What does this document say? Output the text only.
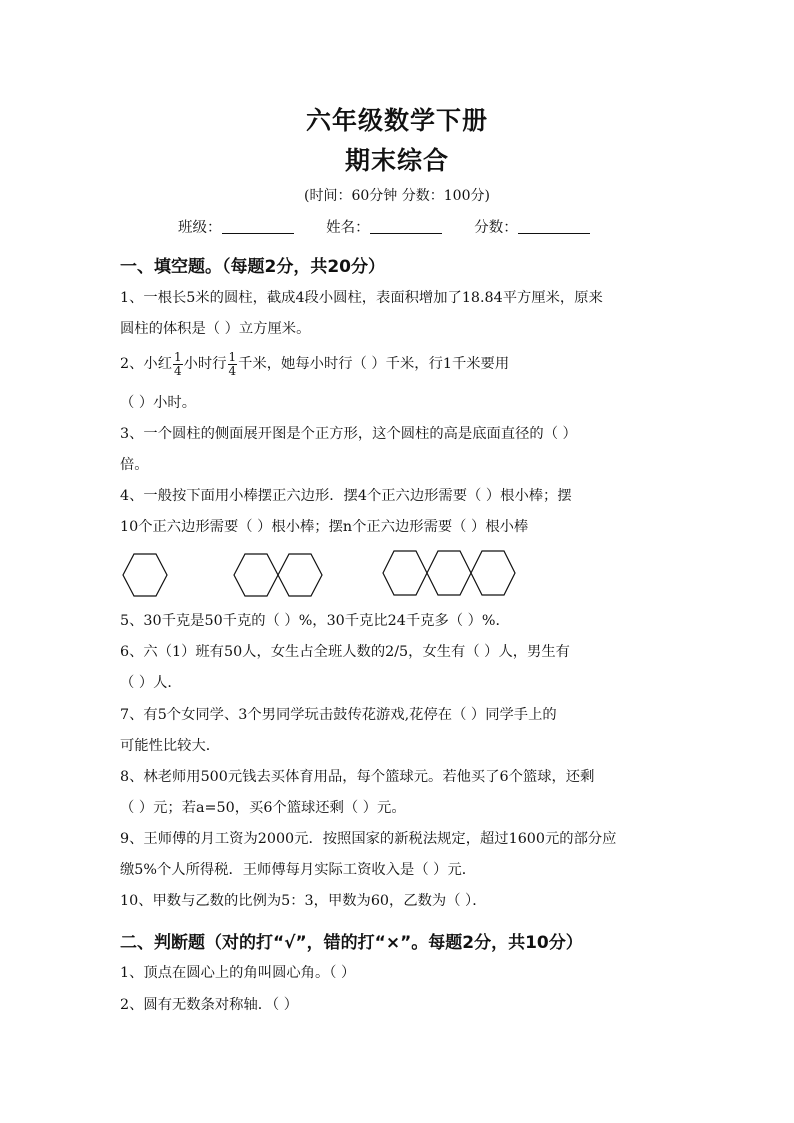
六年级数学下册
期末综合
(时间：60分钟 分数：100分)
班级：	姓名：	分数：
一、填空题。（每题2分，共20分）
1、一根长5米的圆柱，截成4段小圆柱，表面积增加了18.84平方厘米，原来
圆柱的体积是（ ）立方厘米。
2、小红 $\frac{1}{4}$ 小时行 $\frac{1}{4}$ 千米，她每小时行（ ）千米，行1千米要用
（ ）小时。
3、一个圆柱的侧面展开图是个正方形，这个圆柱的高是底面直径的（ ）
倍。
4、一般按下面用小棒摆正六边形．摆4个正六边形需要（ ）根小棒；摆
10个正六边形需要（ ）根小棒；摆n个正六边形需要（ ）根小棒
5、30千克是50千克的（ ）%，30千克比24千克多（ ）%．
6、六（1）班有50人，女生占全班人数的2/5，女生有（ ）人，男生有
（ ）人．
7、有5个女同学、3个男同学玩击鼓传花游戏,花停在（ ）同学手上的
可能性比较大．
8、林老师用500元钱去买体育用品，每个篮球元。若他买了6个篮球，还剩
（ ）元；若a=50，买6个篮球还剩（ ）元。
9、王师傅的月工资为2000元．按照国家的新税法规定，超过1600元的部分应
缴5%个人所得税．王师傅每月实际工资收入是（ ）元．
10、甲数与乙数的比例为5：3，甲数为60，乙数为（ ）．
二、判断题（对的打“√”，错的打“×”。每题2分，共10分）
1、顶点在圆心上的角叫圆心角。（ ）
2、圆有无数条对称轴．（ ）
